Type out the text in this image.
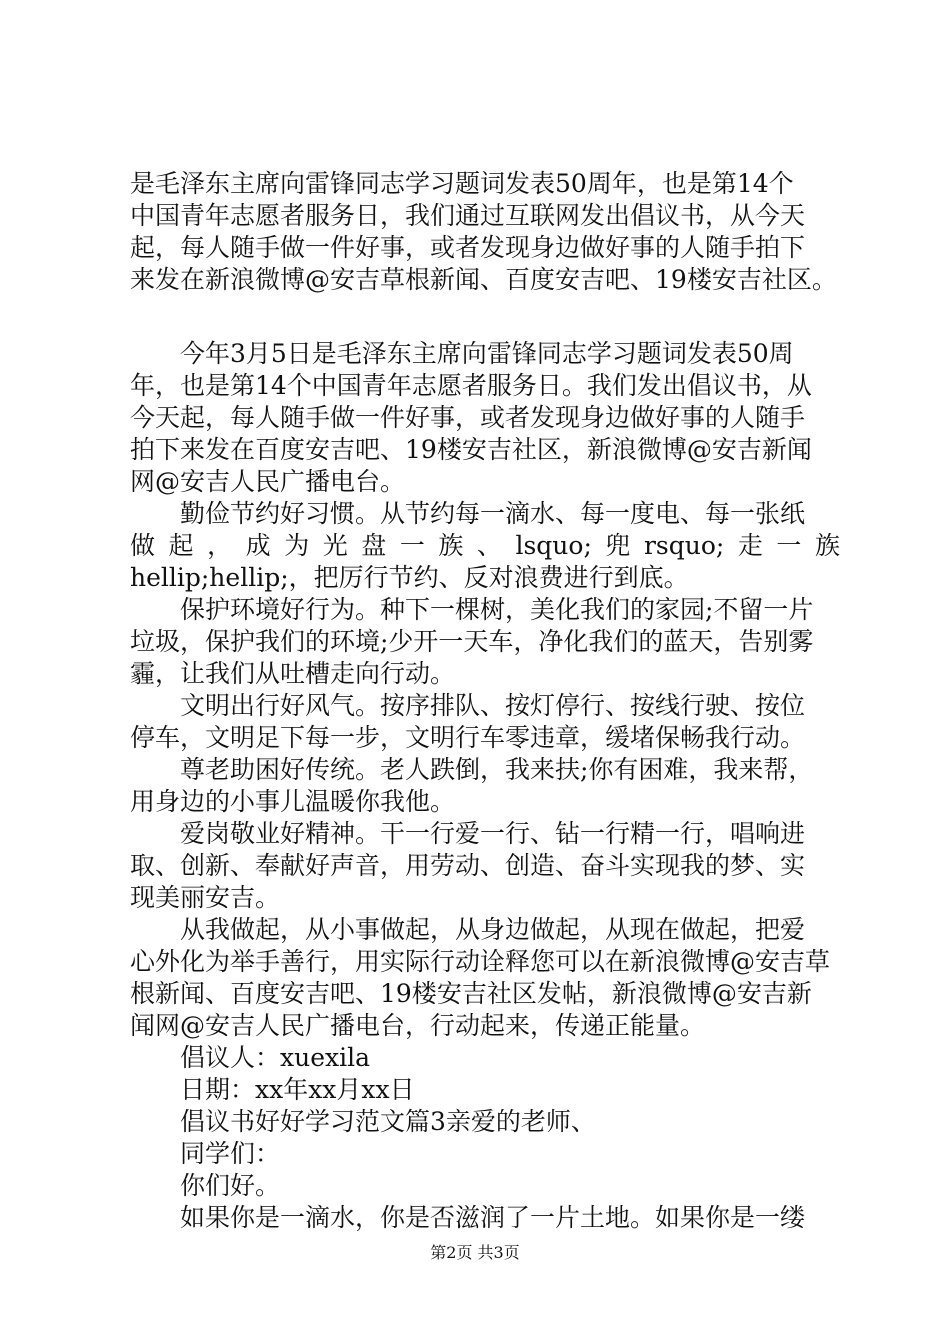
是毛泽东主席向雷锋同志学习题词发表50周年，也是第14个
中国青年志愿者服务日，我们通过互联网发出倡议书，从今天
起，每人随手做一件好事，或者发现身边做好事的人随手拍下
来发在新浪微博@安吉草根新闻、百度安吉吧、19楼安吉社区。
今年3月5日是毛泽东主席向雷锋同志学习题词发表50周
年，也是第14个中国青年志愿者服务日。我们发出倡议书，从
今天起，每人随手做一件好事，或者发现身边做好事的人随手
拍下来发在百度安吉吧、19楼安吉社区，新浪微博@安吉新闻
网@安吉人民广播电台。
勤俭节约好习惯。从节约每一滴水、每一度电、每一张纸
做 起 ， 成 为 光 盘 一 族 、 lsquo; 兜 rsquo; 走 一 族
hellip;hellip;，把厉行节约、反对浪费进行到底。
保护环境好行为。种下一棵树，美化我们的家园;不留一片
垃圾，保护我们的环境;少开一天车，净化我们的蓝天，告别雾
霾，让我们从吐槽走向行动。
文明出行好风气。按序排队、按灯停行、按线行驶、按位
停车，文明足下每一步，文明行车零违章，缓堵保畅我行动。
尊老助困好传统。老人跌倒，我来扶;你有困难，我来帮，
用身边的小事儿温暖你我他。
爱岗敬业好精神。干一行爱一行、钻一行精一行，唱响进
取、创新、奉献好声音，用劳动、创造、奋斗实现我的梦、实
现美丽安吉。
从我做起，从小事做起，从身边做起，从现在做起，把爱
心外化为举手善行，用实际行动诠释您可以在新浪微博@安吉草
根新闻、百度安吉吧、19楼安吉社区发帖，新浪微博@安吉新
闻网@安吉人民广播电台，行动起来，传递正能量。
倡议人：xuexila
日期：xx年xx月xx日
倡议书好好学习范文篇3亲爱的老师、
同学们：
你们好。
如果你是一滴水，你是否滋润了一片土地。如果你是一缕
第2页 共3页
